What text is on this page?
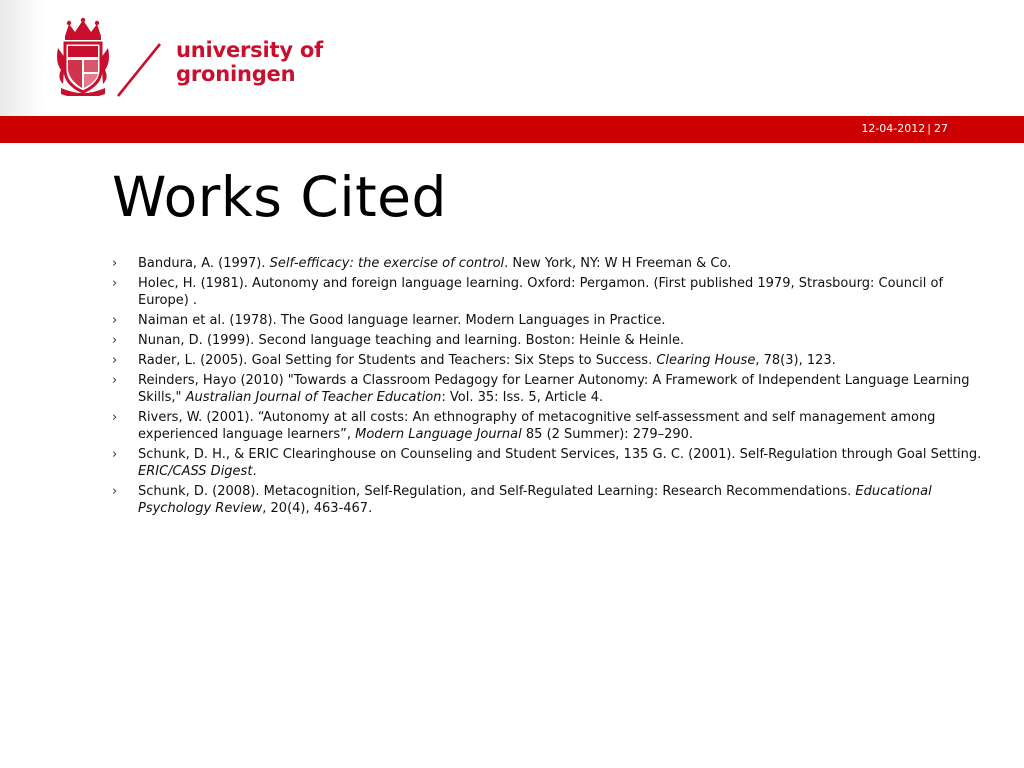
university of
groningen
12-04-2012 | 27
Works Cited
› Bandura, A. (1997). Self-efficacy: the exercise of control. New York, NY: W H Freeman & Co.
› Holec, H. (1981). Autonomy and foreign language learning. Oxford: Pergamon. (First published 1979, Strasbourg: Council of Europe) .
› Naiman et al. (1978). The Good language learner. Modern Languages in Practice.
› Nunan, D. (1999). Second language teaching and learning. Boston: Heinle & Heinle.
› Rader, L. (2005). Goal Setting for Students and Teachers: Six Steps to Success. Clearing House, 78(3), 123.
› Reinders, Hayo (2010) "Towards a Classroom Pedagogy for Learner Autonomy: A Framework of Independent Language Learning Skills," Australian Journal of Teacher Education: Vol. 35: Iss. 5, Article 4.
› Rivers, W. (2001). “Autonomy at all costs: An ethnography of metacognitive self-assessment and self management among experienced language learners”, Modern Language Journal 85 (2 Summer): 279–290.
› Schunk, D. H., & ERIC Clearinghouse on Counseling and Student Services, 135 G. C. (2001). Self-Regulation through Goal Setting. ERIC/CASS Digest.
› Schunk, D. (2008). Metacognition, Self-Regulation, and Self-Regulated Learning: Research Recommendations. Educational Psychology Review, 20(4), 463-467.
